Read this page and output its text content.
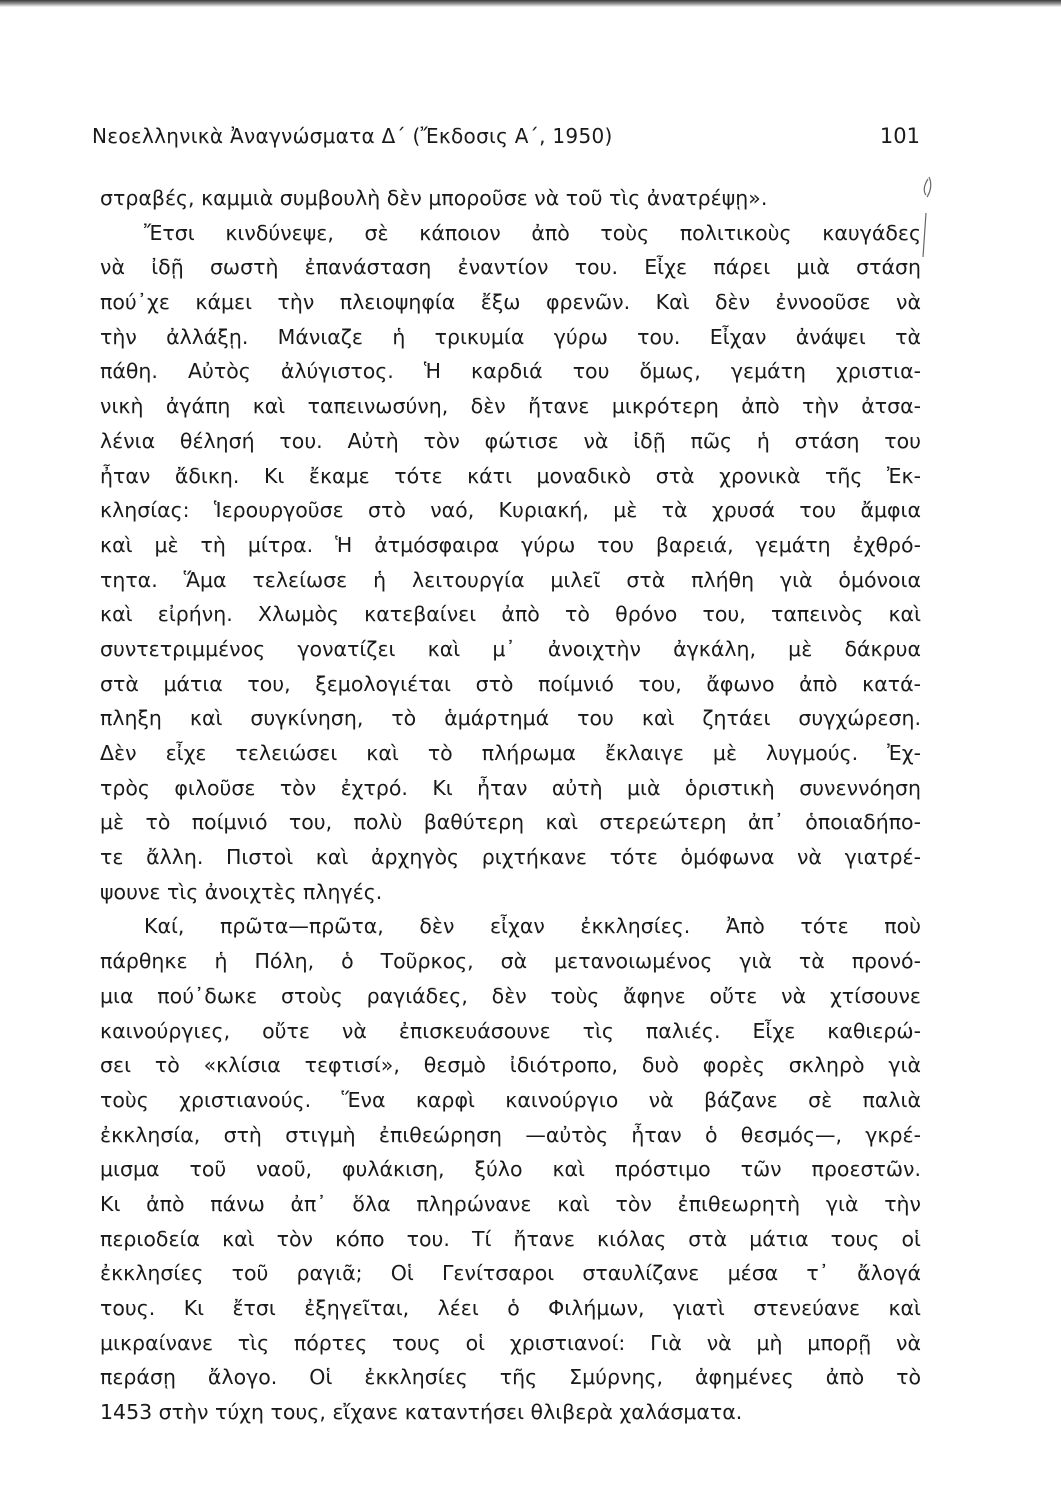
Νεοελληνικὰ Ἀναγνώσματα Δ΄ (Ἔκδοσις Α΄, 1950)	101
στραβές, καμμιὰ συμβουλὴ δὲν μποροῦσε νὰ τοῦ τὶς ἀνατρέψῃ».
Ἔτσι κινδύνεψε, σὲ κάποιον ἀπὸ τοὺς πολιτικοὺς καυγάδες
νὰ ἰδῇ σωστὴ ἐπανάσταση ἐναντίον του. Εἶχε πάρει μιὰ στάση
πού᾽χε κάμει τὴν πλειοψηφία ἔξω φρενῶν. Καὶ δὲν ἐννοοῦσε νὰ
τὴν ἀλλάξῃ. Μάνιαζε ἡ τρικυμία γύρω του. Εἶχαν ἀνάψει τὰ
πάθη. Αὐτὸς ἀλύγιστος. Ἡ καρδιά του ὅμως, γεμάτη χριστια-
νικὴ ἀγάπη καὶ ταπεινωσύνη, δὲν ἤτανε μικρότερη ἀπὸ τὴν ἀτσα-
λένια θέλησή του. Αὐτὴ τὸν φώτισε νὰ ἰδῇ πῶς ἡ στάση του
ἦταν ἄδικη. Κι ἔκαμε τότε κάτι μοναδικὸ στὰ χρονικὰ τῆς Ἐκ-
κλησίας: Ἱερουργοῦσε στὸ ναό, Κυριακή, μὲ τὰ χρυσά του ἄμφια
καὶ μὲ τὴ μίτρα. Ἡ ἀτμόσφαιρα γύρω του βαρειά, γεμάτη ἐχθρό-
τητα. Ἅμα τελείωσε ἡ λειτουργία μιλεῖ στὰ πλήθη γιὰ ὁμόνοια
καὶ εἰρήνη. Χλωμὸς κατεβαίνει ἀπὸ τὸ θρόνο του, ταπεινὸς καὶ
συντετριμμένος γονατίζει καὶ μ᾽ ἀνοιχτὴν ἀγκάλη, μὲ δάκρυα
στὰ μάτια του, ξεμολογιέται στὸ ποίμνιό του, ἄφωνο ἀπὸ κατά-
πληξη καὶ συγκίνηση, τὸ ἁμάρτημά του καὶ ζητάει συγχώρεση.
Δὲν εἶχε τελειώσει καὶ τὸ πλήρωμα ἔκλαιγε μὲ λυγμούς. Ἐχ-
τρὸς φιλοῦσε τὸν ἐχτρό. Κι ἦταν αὐτὴ μιὰ ὁριστικὴ συνεννόηση
μὲ τὸ ποίμνιό του, πολὺ βαθύτερη καὶ στερεώτερη ἀπ᾽ ὁποιαδήπο-
τε ἄλλη. Πιστοὶ καὶ ἀρχηγὸς ριχτήκανε τότε ὁμόφωνα νὰ γιατρέ-
ψουνε τὶς ἀνοιχτὲς πληγές.
Καί, πρῶτα—πρῶτα, δὲν εἶχαν ἐκκλησίες. Ἀπὸ τότε ποὺ
πάρθηκε ἡ Πόλη, ὁ Τοῦρκος, σὰ μετανοιωμένος γιὰ τὰ προνό-
μια πού᾽δωκε στοὺς ραγιάδες, δὲν τοὺς ἄφηνε οὔτε νὰ χτίσουνε
καινούργιες, οὔτε νὰ ἐπισκευάσουνε τὶς παλιές. Εἶχε καθιερώ-
σει τὸ «κλίσια τεφτισί», θεσμὸ ἰδιότροπο, δυὸ φορὲς σκληρὸ γιὰ
τοὺς χριστιανούς. Ἕνα καρφὶ καινούργιο νὰ βάζανε σὲ παλιὰ
ἐκκλησία, στὴ στιγμὴ ἐπιθεώρηση —αὐτὸς ἦταν ὁ θεσμός—, γκρέ-
μισμα τοῦ ναοῦ, φυλάκιση, ξύλο καὶ πρόστιμο τῶν προεστῶν.
Κι ἀπὸ πάνω ἀπ᾽ ὅλα πληρώνανε καὶ τὸν ἐπιθεωρητὴ γιὰ τὴν
περιοδεία καὶ τὸν κόπο του. Τί ἤτανε κιόλας στὰ μάτια τους οἱ
ἐκκλησίες τοῦ ραγιᾶ; Οἱ Γενίτσαροι σταυλίζανε μέσα τ᾽ ἄλογά
τους. Κι ἔτσι ἐξηγεῖται, λέει ὁ Φιλήμων, γιατὶ στενεύανε καὶ
μικραίνανε τὶς πόρτες τους οἱ χριστιανοί: Γιὰ νὰ μὴ μπορῇ νὰ
περάσῃ ἄλογο. Οἱ ἐκκλησίες τῆς Σμύρνης, ἀφημένες ἀπὸ τὸ
1453 στὴν τύχη τους, εἴχανε καταντήσει θλιβερὰ χαλάσματα.
